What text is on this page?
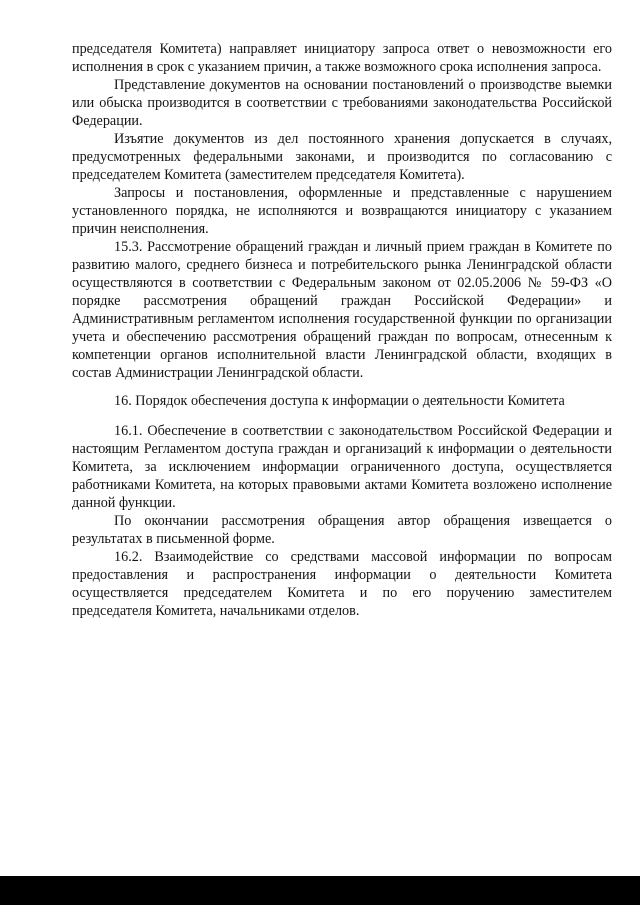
председателя Комитета) направляет инициатору запроса ответ о невозможности его исполнения в срок с указанием причин, а также возможного срока исполнения запроса.

Представление документов на основании постановлений о производстве выемки или обыска производится в соответствии с требованиями законодательства Российской Федерации.

Изъятие документов из дел постоянного хранения допускается в случаях, предусмотренных федеральными законами, и производится по согласованию с председателем Комитета (заместителем председателя Комитета).

Запросы и постановления, оформленные и представленные с нарушением установленного порядка, не исполняются и возвращаются инициатору с указанием причин неисполнения.

15.3. Рассмотрение обращений граждан и личный прием граждан в Комитете по развитию малого, среднего бизнеса и потребительского рынка Ленинградской области осуществляются в соответствии с Федеральным законом от 02.05.2006 № 59-ФЗ «О порядке рассмотрения обращений граждан Российской Федерации» и Административным регламентом исполнения государственной функции по организации учета и обеспечению рассмотрения обращений граждан по вопросам, отнесенным к компетенции органов исполнительной власти Ленинградской области, входящих в состав Администрации Ленинградской области.

16. Порядок обеспечения доступа к информации о деятельности Комитета

16.1. Обеспечение в соответствии с законодательством Российской Федерации и настоящим Регламентом доступа граждан и организаций к информации о деятельности Комитета, за исключением информации ограниченного доступа, осуществляется работниками Комитета, на которых правовыми актами Комитета возложено исполнение данной функции.

По окончании рассмотрения обращения автор обращения извещается о результатах в письменной форме.

16.2. Взаимодействие со средствами массовой информации по вопросам предоставления и распространения информации о деятельности Комитета осуществляется председателем Комитета и по его поручению заместителем председателя Комитета, начальниками отделов.
